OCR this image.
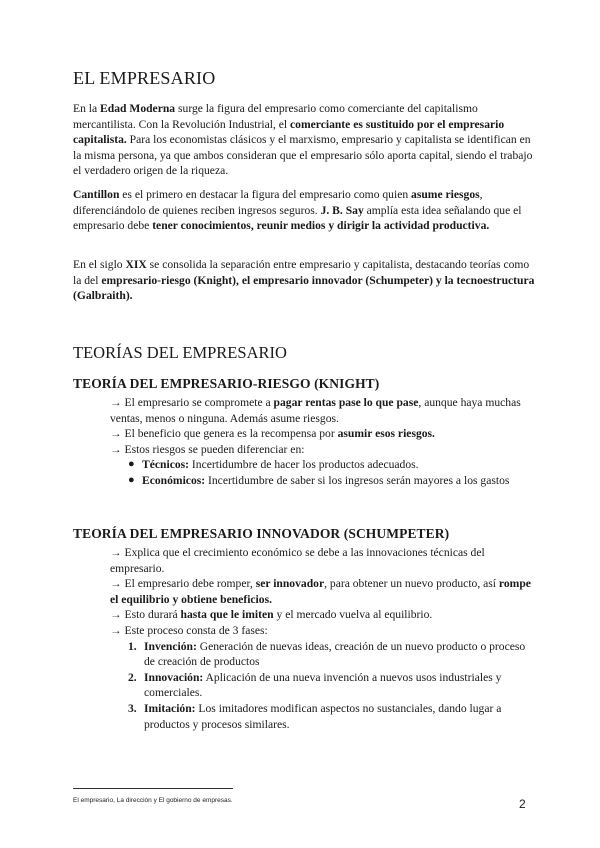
EL EMPRESARIO

En la Edad Moderna surge la figura del empresario como comerciante del capitalismo mercantilista. Con la Revolución Industrial, el comerciante es sustituido por el empresario capitalista. Para los economistas clásicos y el marxismo, empresario y capitalista se identifican en la misma persona, ya que ambos consideran que el empresario sólo aporta capital, siendo el trabajo el verdadero origen de la riqueza.

Cantillon es el primero en destacar la figura del empresario como quien asume riesgos, diferenciándolo de quienes reciben ingresos seguros. J. B. Say amplía esta idea señalando que el empresario debe tener conocimientos, reunir medios y dirigir la actividad productiva.

En el siglo XIX se consolida la separación entre empresario y capitalista, destacando teorías como la del empresario-riesgo (Knight), el empresario innovador (Schumpeter) y la tecnoestructura (Galbraith).

TEORÍAS DEL EMPRESARIO
TEORÍA DEL EMPRESARIO-RIESGO (KNIGHT)

→ El empresario se compromete a pagar rentas pase lo que pase, aunque haya muchas ventas, menos o ninguna. Además asume riesgos.

→ El beneficio que genera es la recompensa por asumir esos riesgos.

→ Estos riesgos se pueden diferenciar en:

● Técnicos: Incertidumbre de hacer los productos adecuados.
● Económicos: Incertidumbre de saber si los ingresos serán mayores a los gastos
TEORÍA DEL EMPRESARIO INNOVADOR (SCHUMPETER)

→ Explica que el crecimiento económico se debe a las innovaciones técnicas del empresario.

→ El empresario debe romper, ser innovador, para obtener un nuevo producto, así rompe el equilibrio y obtiene beneficios.

→ Esto durará hasta que le imiten y el mercado vuelva al equilibrio.

→ Este proceso consta de 3 fases:

1. Invención: Generación de nuevas ideas, creación de un nuevo producto o proceso de creación de productos
2. Innovación: Aplicación de una nueva invención a nuevos usos industriales y comerciales.
3. Imitación: Los imitadores modifican aspectos no sustanciales, dando lugar a productos y procesos similares.
El empresario, La dirección y El gobierno de empresas.	2
